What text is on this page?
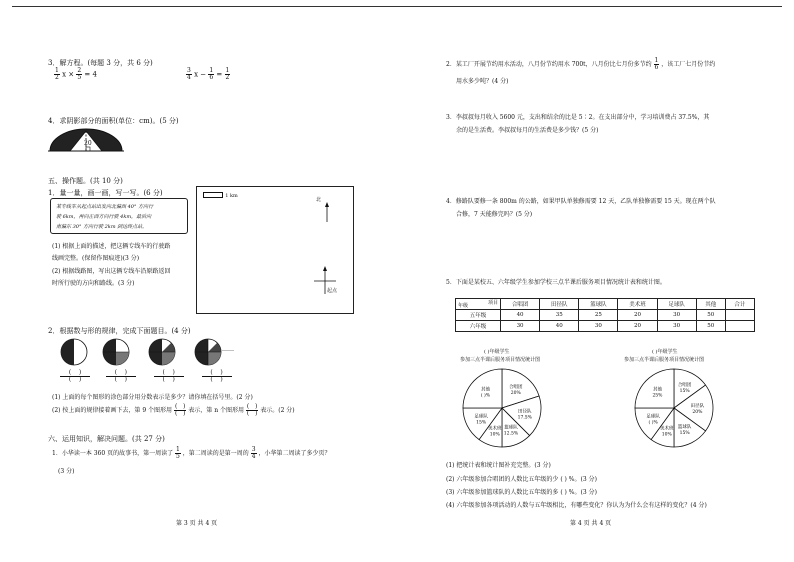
3．解方程。(每题 3 分，共 6 分)
$\frac{1}{2}$ $x \times \frac{2}{5} = 4$	$\frac{3}{4}$ $x - \frac{1}{6} = \frac{1}{2}$
4．求阴影部分的面积(单位：cm)。(5 分)
20
五、操作题。(共 10 分)
1．量一量，画一画，写一写。(6 分)
某专线车从起点站出发向北偏西 40° 方向行
驶 6km，再向正西方向行驶 4km，最后向
南偏东 30° 方向行驶 2km 到达终点站。
1 km
北
起点
(1) 根据上面的描述，把这辆专线车的行驶路
线画完整。(保留作图痕迹)(3 分)
(2) 根据线路图，写出这辆专线车沿原路返回
时所行驶的方向和路线。(3 分)
2．根据数与形的规律，完成下面题目。(4 分)
……
$\frac{( )}{( )}$
	$\frac{( )}{( )}$
	$\frac{( )}{( )}$
	$\frac{( )}{( )}$
(1) 上面的每个图形的涂色部分用分数表示是多少？请你填在括号里。(2 分)
(2) 按上面的规律接着画下去，第 9 个图形用 $\frac{( )}{( )}$ 表示，第 n 个图形用 $\frac{( )}{( )}$ 表示。(2 分)
六、运用知识，解决问题。(共 27 分)
1．小华读一本 360 页的故事书，第一周读了 $\frac{1}{5}$ ，第二周读的是第一周的 $\frac{3}{4}$ ，小华第二周读了多少页？
(3 分)
第 3 页 共 4 页
2．某工厂开展节约用水活动，八月份节约用水 700t，八月份比七月份多节约 $\frac{1}{6}$ ，该工厂七月份节约
用水多少吨？(4 分)
3．李叔叔每月收入 5600 元，支出和结余的比是 5∶2。在支出部分中，学习培训费占 37.5%，其
余的是生活费。李叔叔每月的生活费是多少钱？(5 分)
4．修路队要修一条 800m 的公路，如果甲队单独修需要 12 天，乙队单独修需要 15 天。现在两个队
合修，7 天能修完吗？(5 分)
5．下面是某校五、六年级学生参加学校三点半课后服务项目情况统计表和统计图。
项目
年级	合唱团	田径队	篮球队	美术班	足球队	其他	合计
五年级	40	35	25	20	30	50	
六年级	30	40	30	20	30	50	
( )年级学生
参加三点半课后服务项目情况统计图
( )年级学生
参加三点半课后服务项目情况统计图
合唱团
20%
田径队
17.5%
篮球队
12.5%
美术班
10%
足球队
15%
其他
( )%
合唱团
15%
田径队
20%
篮球队
15%
美术班
10%
足球队
( )%
其他
25%
(1) 把统计表和统计图补充完整。(3 分)
(2) 六年级参加合唱团的人数比五年级的少 ( ) %。(3 分)
(3) 六年级参加篮球队的人数比五年级的多 ( ) %。(3 分)
(4) 六年级参加各项活动的人数与五年级相比，有哪些变化？你认为为什么会有这样的变化？(4 分)
第 4 页 共 4 页
